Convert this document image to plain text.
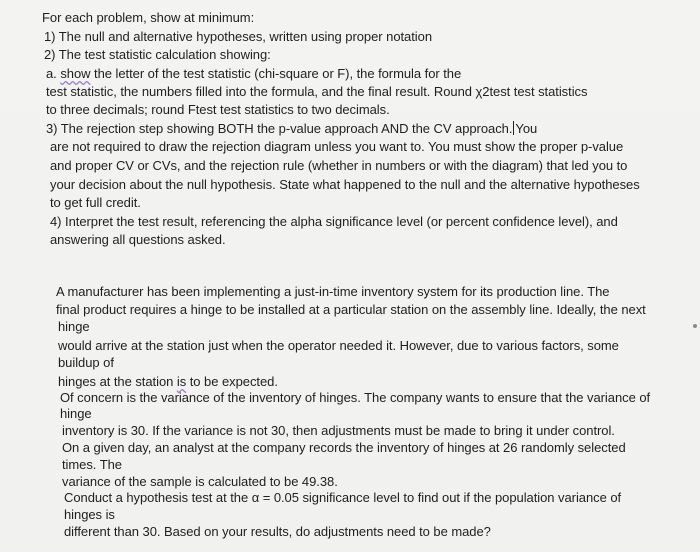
For each problem, show at minimum:
1) The null and alternative hypotheses, written using proper notation
2) The test statistic calculation showing:
a. show the letter of the test statistic (chi-square or F), the formula for the
test statistic, the numbers filled into the formula, and the final result. Round χ2test test statistics
to three decimals; round Ftest test statistics to two decimals.
3) The rejection step showing BOTH the p-value approach AND the CV approach. You
are not required to draw the rejection diagram unless you want to. You must show the proper p-value
and proper CV or CVs, and the rejection rule (whether in numbers or with the diagram) that led you to
your decision about the null hypothesis. State what happened to the null and the alternative hypotheses
to get full credit.
4) Interpret the test result, referencing the alpha significance level (or percent confidence level), and
answering all questions asked.
A manufacturer has been implementing a just-in-time inventory system for its production line. The
final product requires a hinge to be installed at a particular station on the assembly line. Ideally, the next
hinge
would arrive at the station just when the operator needed it. However, due to various factors, some
buildup of
hinges at the station is to be expected.
Of concern is the variance of the inventory of hinges. The company wants to ensure that the variance of
hinge
inventory is 30. If the variance is not 30, then adjustments must be made to bring it under control.
On a given day, an analyst at the company records the inventory of hinges at 26 randomly selected
times. The
variance of the sample is calculated to be 49.38.
Conduct a hypothesis test at the α = 0.05 significance level to find out if the population variance of
hinges is
different than 30. Based on your results, do adjustments need to be made?
